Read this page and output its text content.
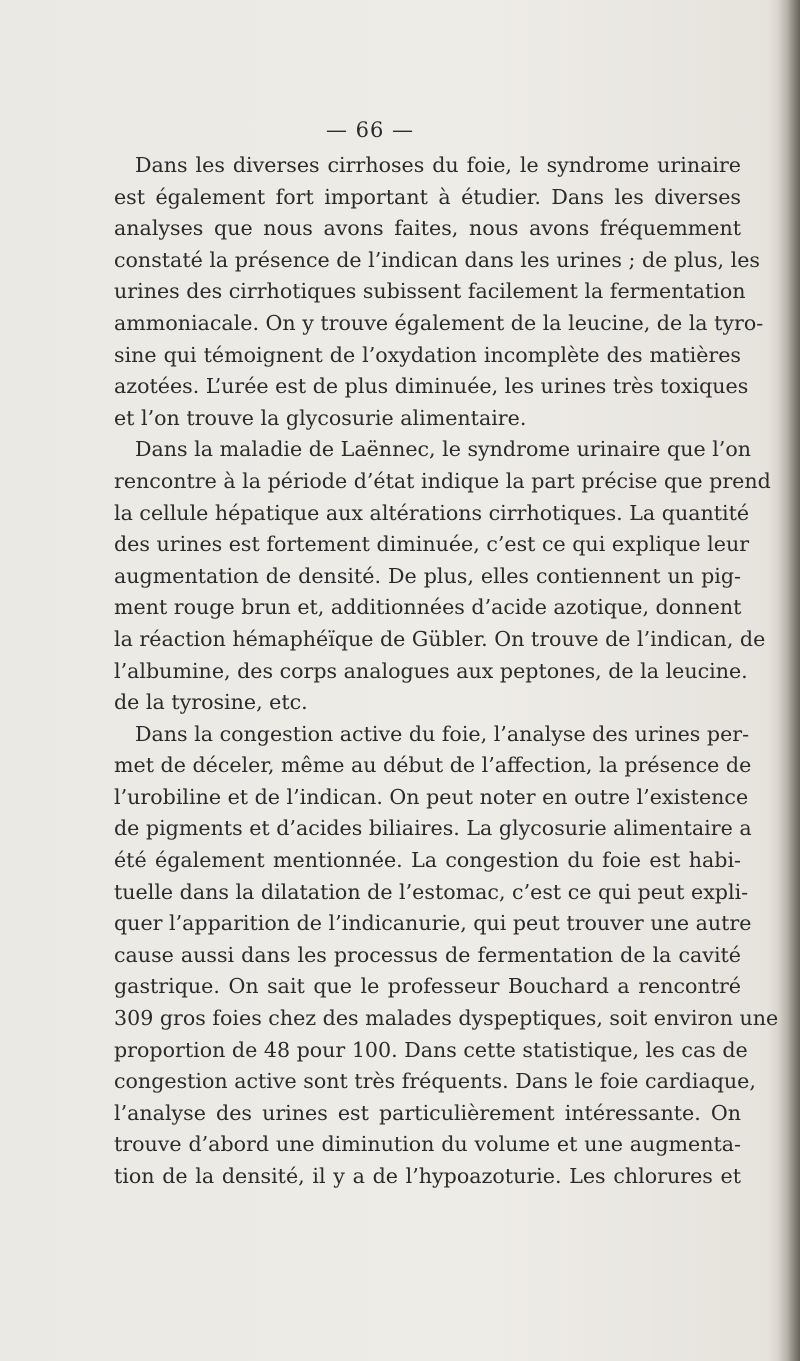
— 66 —
Dans les diverses cirrhoses du foie, le syndrome urinaire
est également fort important à étudier. Dans les diverses
analyses que nous avons faites, nous avons fréquemment
constaté la présence de l’indican dans les urines ; de plus, les
urines des cirrhotiques subissent facilement la fermentation
ammoniacale. On y trouve également de la leucine, de la tyro-
sine qui témoignent de l’oxydation incomplète des matières
azotées. L’urée est de plus diminuée, les urines très toxiques
et l’on trouve la glycosurie alimentaire.
Dans la maladie de Laënnec, le syndrome urinaire que l’on
rencontre à la période d’état indique la part précise que prend
la cellule hépatique aux altérations cirrhotiques. La quantité
des urines est fortement diminuée, c’est ce qui explique leur
augmentation de densité. De plus, elles contiennent un pig-
ment rouge brun et, additionnées d’acide azotique, donnent
la réaction hémaphéïque de Gübler. On trouve de l’indican, de
l’albumine, des corps analogues aux peptones, de la leucine.
de la tyrosine, etc.
Dans la congestion active du foie, l’analyse des urines per-
met de déceler, même au début de l’affection, la présence de
l’urobiline et de l’indican. On peut noter en outre l’existence
de pigments et d’acides biliaires. La glycosurie alimentaire a
été également mentionnée. La congestion du foie est habi-
tuelle dans la dilatation de l’estomac, c’est ce qui peut expli-
quer l’apparition de l’indicanurie, qui peut trouver une autre
cause aussi dans les processus de fermentation de la cavité
gastrique. On sait que le professeur Bouchard a rencontré
309 gros foies chez des malades dyspeptiques, soit environ une
proportion de 48 pour 100. Dans cette statistique, les cas de
congestion active sont très fréquents. Dans le foie cardiaque,
l’analyse des urines est particulièrement intéressante. On
trouve d’abord une diminution du volume et une augmenta-
tion de la densité, il y a de l’hypoazoturie. Les chlorures et
